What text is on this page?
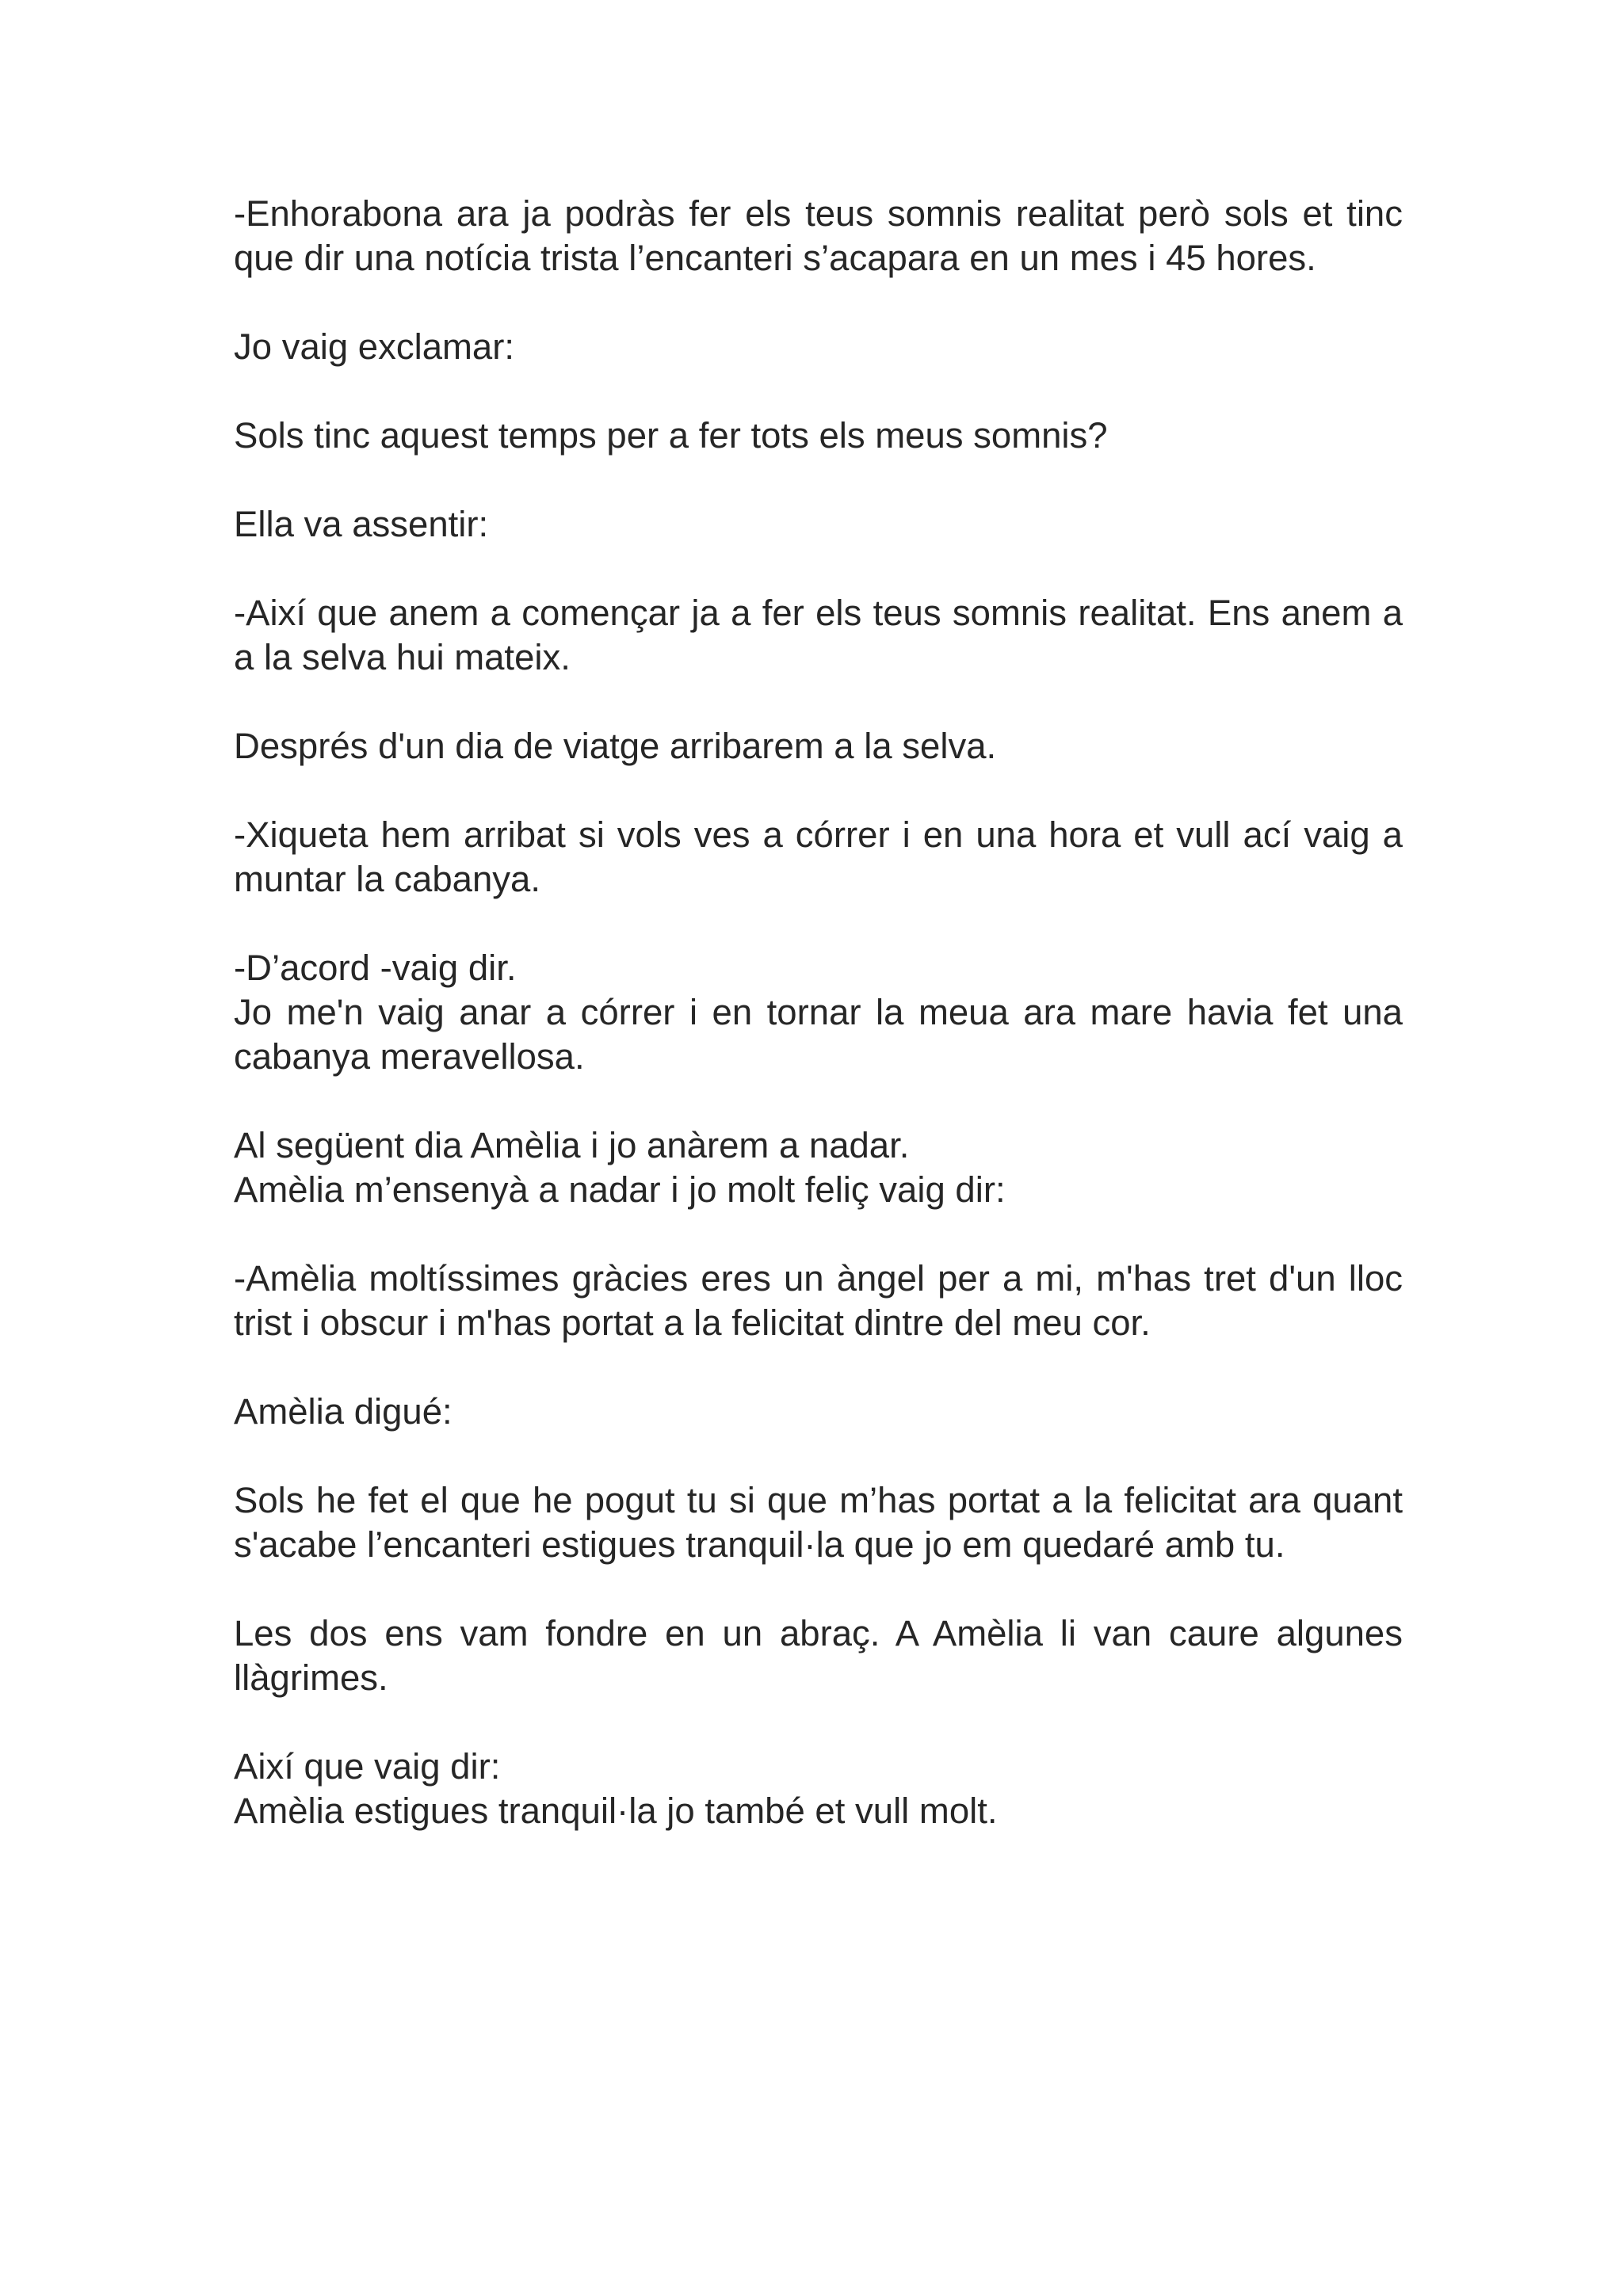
-Enhorabona ara ja podràs fer els teus somnis realitat però sols et tinc que dir una notícia trista l’encanteri s’acapara en un mes i 45 hores.

Jo vaig exclamar:

Sols tinc aquest temps per a fer tots els meus somnis?

Ella va assentir:

-Així que anem a començar ja a fer els teus somnis realitat. Ens anem a a la selva hui mateix.

Després d'un dia de viatge arribarem a la selva.

-Xiqueta hem arribat si vols ves a córrer i en una hora et vull ací vaig a muntar la cabanya.

-D’acord -vaig dir.

Jo me'n vaig anar a córrer i en tornar la meua ara mare havia fet una cabanya meravellosa.

Al següent dia Amèlia i jo anàrem a nadar.

Amèlia m’ensenyà a nadar i jo molt feliç vaig dir:

-Amèlia moltíssimes gràcies eres un àngel per a mi, m'has tret d'un lloc trist i obscur i m'has portat a la felicitat dintre del meu cor.

Amèlia digué:

Sols he fet el que he pogut tu si que m’has portat a la felicitat ara quant s'acabe l’encanteri estigues tranquil·la que jo em quedaré amb tu.

Les dos ens vam fondre en un abraç. A Amèlia li van caure algunes llàgrimes.

Així que vaig dir:

Amèlia estigues tranquil·la jo també et vull molt.
